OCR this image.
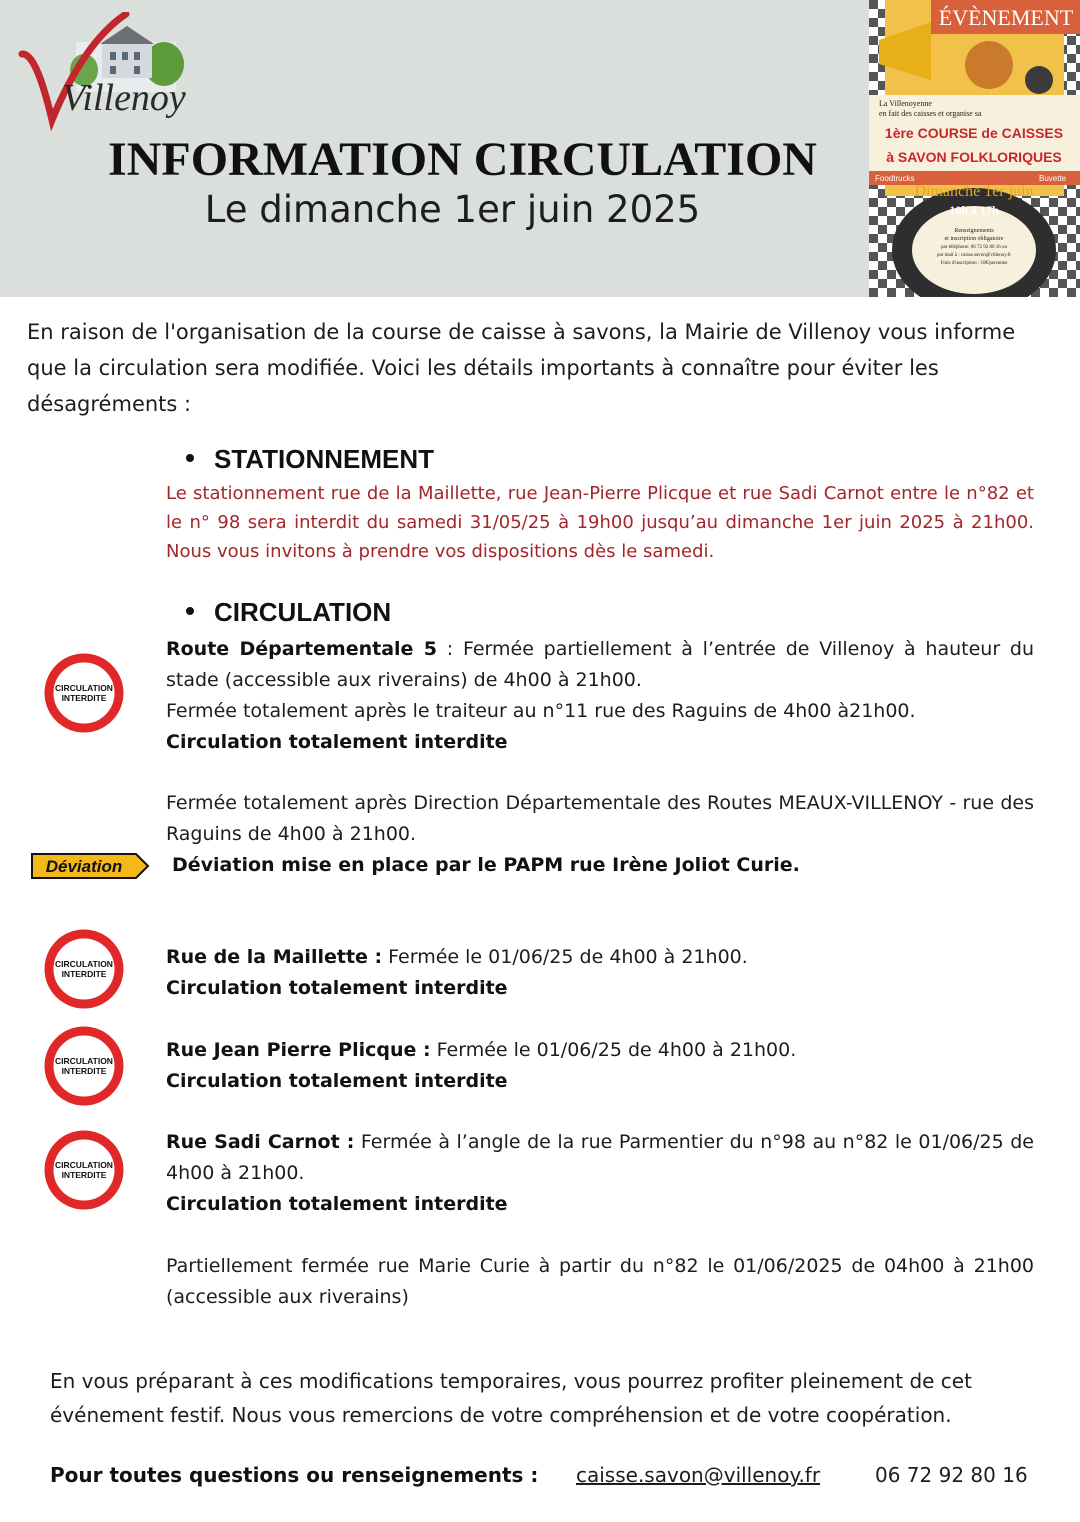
Villenoy
INFORMATION CIRCULATION
Le dimanche 1er juin 2025
ÉVÈNEMENT
La Villenoyenne
en fait des caisses et organise sa
1ère COURSE de CAISSES
à SAVON FOLKLORIQUES
Foodtrucks	Buvette
Dimanche 1er juin
10h à 17h
Renseignements
et inscription obligatoire
par téléphone: 06 72 92 80 16 ou
par mail à : caisse.savon@villenoy.fr
Frais d'inscription : 10€/personne
En raison de l'organisation de la course de caisse à savons, la Mairie de Villenoy vous informe que la circulation sera modifiée. Voici les détails importants à connaître pour éviter les désagréments :
STATIONNEMENT
Le stationnement rue de la Maillette, rue Jean-Pierre Plicque et rue Sadi Carnot entre le n°82 et le n° 98 sera interdit du samedi 31/05/25 à 19h00 jusqu’au dimanche 1er juin 2025 à 21h00. Nous vous invitons à prendre vos dispositions dès le samedi.
CIRCULATION
CIRCULATION
INTERDITE
Déviation
CIRCULATION
INTERDITE
CIRCULATION
INTERDITE
CIRCULATION
INTERDITE
Route Départementale 5 : Fermée partiellement à l’entrée de Villenoy à hauteur du stade (accessible aux riverains) de 4h00 à 21h00.
Fermée totalement après le traiteur au n°11 rue des Raguins de 4h00 à21h00.
Circulation totalement interdite
Fermée totalement après Direction Départementale des Routes MEAUX-VILLENOY - rue des Raguins de 4h00 à 21h00.
Déviation mise en place par le PAPM rue Irène Joliot Curie.
Rue de la Maillette : Fermée le 01/06/25 de 4h00 à 21h00.
Circulation totalement interdite
Rue Jean Pierre Plicque : Fermée le 01/06/25 de 4h00 à 21h00.
Circulation totalement interdite
Rue Sadi Carnot : Fermée à l’angle de la rue Parmentier du n°98 au n°82 le 01/06/25 de 4h00 à 21h00.
Circulation totalement interdite
Partiellement fermée rue Marie Curie à partir du n°82 le 01/06/2025 de 04h00 à 21h00 (accessible aux riverains)
En vous préparant à ces modifications temporaires, vous pourrez profiter pleinement de cet événement festif. Nous vous remercions de votre compréhension et de votre coopération.
Pour toutes questions ou renseignements : caisse.savon@villenoy.fr	06 72 92 80 16
